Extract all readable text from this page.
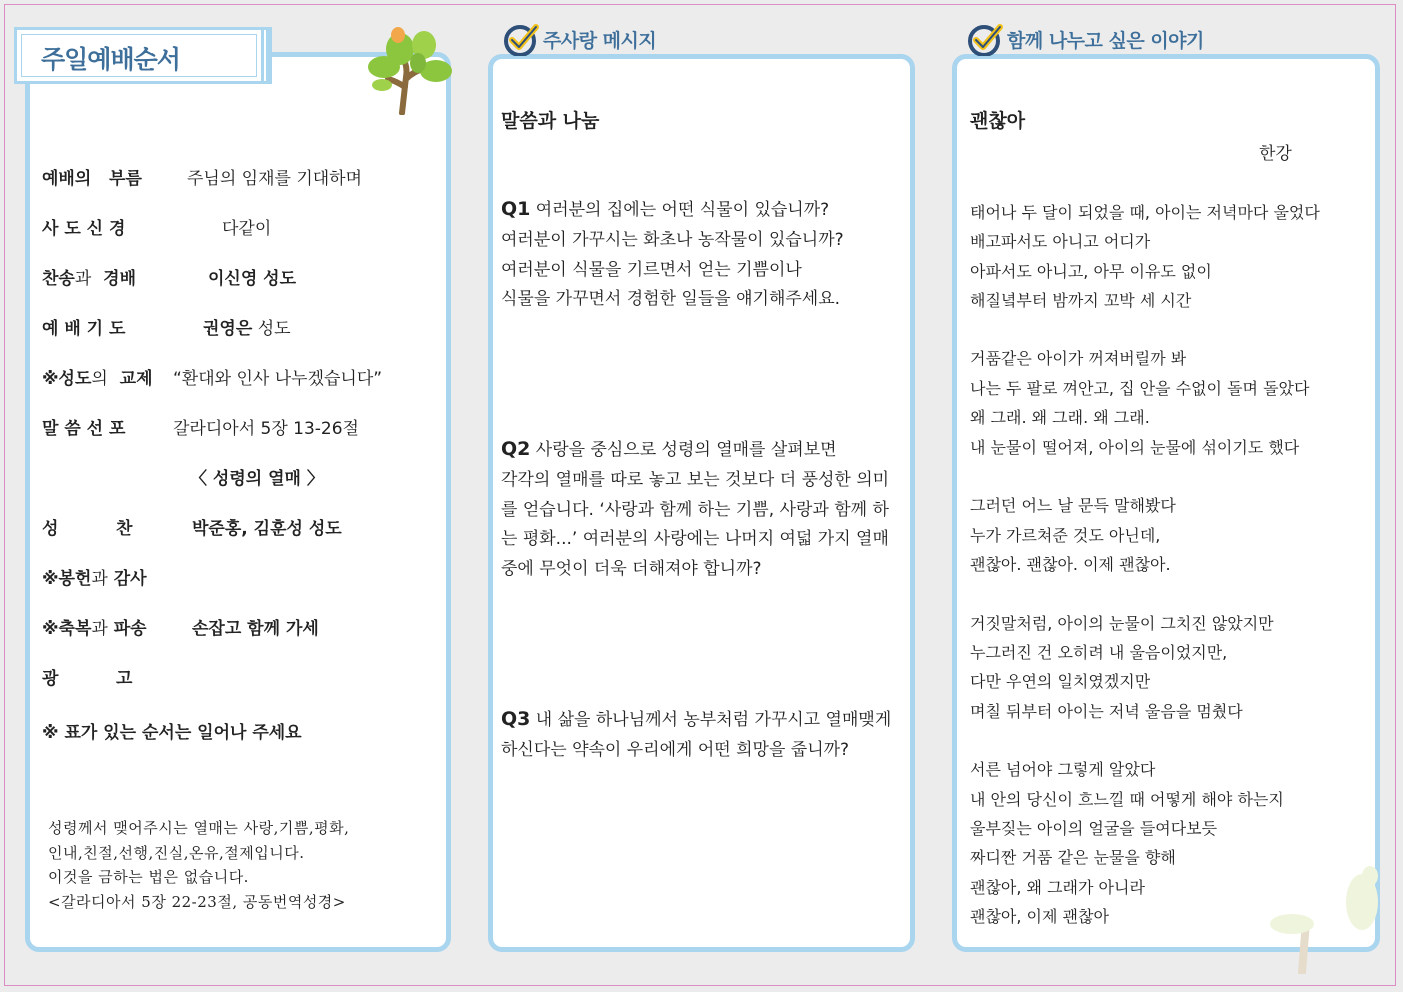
주일예배순서
주사랑 메시지	함께 나누고 싶은 이야기
예배의 부름	주님의 임재를 기대하며
사 도 신 경	다같이
찬송과 경배	이신영 성도
예 배 기 도	권영은 성도
※성도의 교제 “환대와 인사 나누겠습니다”
말 씀 선 포	갈라디아서 5장 13-26절
〈 성령의 열매 〉
성	찬	박준홍, 김훈성 성도
※봉헌과 감사
※축복과 파송	손잡고 함께 가세
광	고
※ 표가 있는 순서는 일어나 주세요
성령께서 맺어주시는 열매는 사랑,기쁨,평화,
인내,친절,선행,진실,온유,절제입니다.
이것을 금하는 법은 없습니다.
<갈라디아서 5장 22-23절, 공동번역성경>
말씀과 나눔
Q1 여러분의 집에는 어떤 식물이 있습니까?
여러분이 가꾸시는 화초나 농작물이 있습니까?
여러분이 식물을 기르면서 얻는 기쁨이나
식물을 가꾸면서 경험한 일들을 얘기해주세요.
Q2 사랑을 중심으로 성령의 열매를 살펴보면
각각의 열매를 따로 놓고 보는 것보다 더 풍성한 의미
를 얻습니다. ‘사랑과 함께 하는 기쁨, 사랑과 함께 하
는 평화...’ 여러분의 사랑에는 나머지 여덟 가지 열매
중에 무엇이 더욱 더해져야 합니까?
Q3 내 삶을 하나님께서 농부처럼 가꾸시고 열매맺게
하신다는 약속이 우리에게 어떤 희망을 줍니까?
괜찮아
한강
태어나 두 달이 되었을 때, 아이는 저녁마다 울었다
배고파서도 아니고 어디가
아파서도 아니고, 아무 이유도 없이
해질녘부터 밤까지 꼬박 세 시간
거품같은 아이가 꺼져버릴까 봐
나는 두 팔로 껴안고, 집 안을 수없이 돌며 돌았다
왜 그래. 왜 그래. 왜 그래.
내 눈물이 떨어져, 아이의 눈물에 섞이기도 했다
그러던 어느 날 문득 말해봤다
누가 가르쳐준 것도 아닌데,
괜찮아. 괜찮아. 이제 괜찮아.
거짓말처럼, 아이의 눈물이 그치진 않았지만
누그러진 건 오히려 내 울음이었지만,
다만 우연의 일치였겠지만
며칠 뒤부터 아이는 저녁 울음을 멈췄다
서른 넘어야 그렇게 알았다
내 안의 당신이 흐느낄 때 어떻게 해야 하는지
울부짖는 아이의 얼굴을 들여다보듯
짜디짠 거품 같은 눈물을 향해
괜찮아, 왜 그래가 아니라
괜찮아, 이제 괜찮아
